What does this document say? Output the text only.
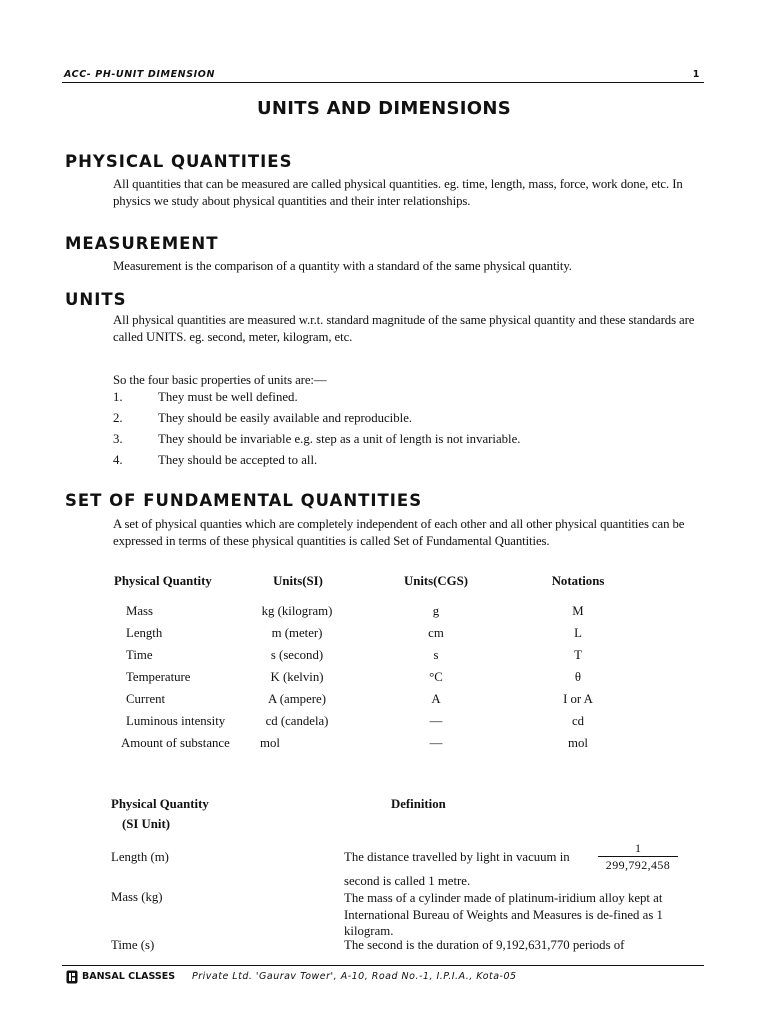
ACC- PH-UNIT DIMENSION	1
UNITS AND DIMENSIONS
PHYSICAL QUANTITIES
All quantities that can be measured are called physical quantities. eg. time, length, mass, force, work done, etc. In physics we study about physical quantities and their inter relationships.
MEASUREMENT
Measurement is the comparison of a quantity with a standard of the same physical quantity.
UNITS
All physical quantities are measured w.r.t. standard magnitude of the same physical quantity and these standards are called UNITS. eg. second, meter, kilogram, etc.
So the four basic properties of units are:—
1.	They must be well defined.
2.	They should be easily available and reproducible.
3.	They should be invariable e.g. step as a unit of length is not invariable.
4.	They should be accepted to all.
SET OF FUNDAMENTAL QUANTITIES
A set of physical quanties which are completely independent of each other and all other physical quantities can be expressed in terms of these physical quantities is called Set of Fundamental Quantities.
Physical Quantity	Units(SI)	Units(CGS)	Notations
Mass	kg (kilogram)	g	M
Length	m (meter)	cm	L
Time	s (second)	s	T
Temperature	K (kelvin)	°C	θ
Current	A (ampere)	A	I or A
Luminous intensity	cd (candela)	—	cd
Amount of substance mol	—	mol
Physical Quantity
(SI Unit)
Definition
Length (m)	The distance travelled by light in vacuum in
1
299,792,458
second is called 1 metre.
Mass (kg)	The mass of a cylinder made of platinum-iridium alloy kept at International Bureau of Weights and Measures is de-fined as 1 kilogram.
Time (s)	The second is the duration of 9,192,631,770 periods of
BANSAL CLASSES Private Ltd. 'Gaurav Tower', A-10, Road No.-1, I.P.I.A., Kota-05
